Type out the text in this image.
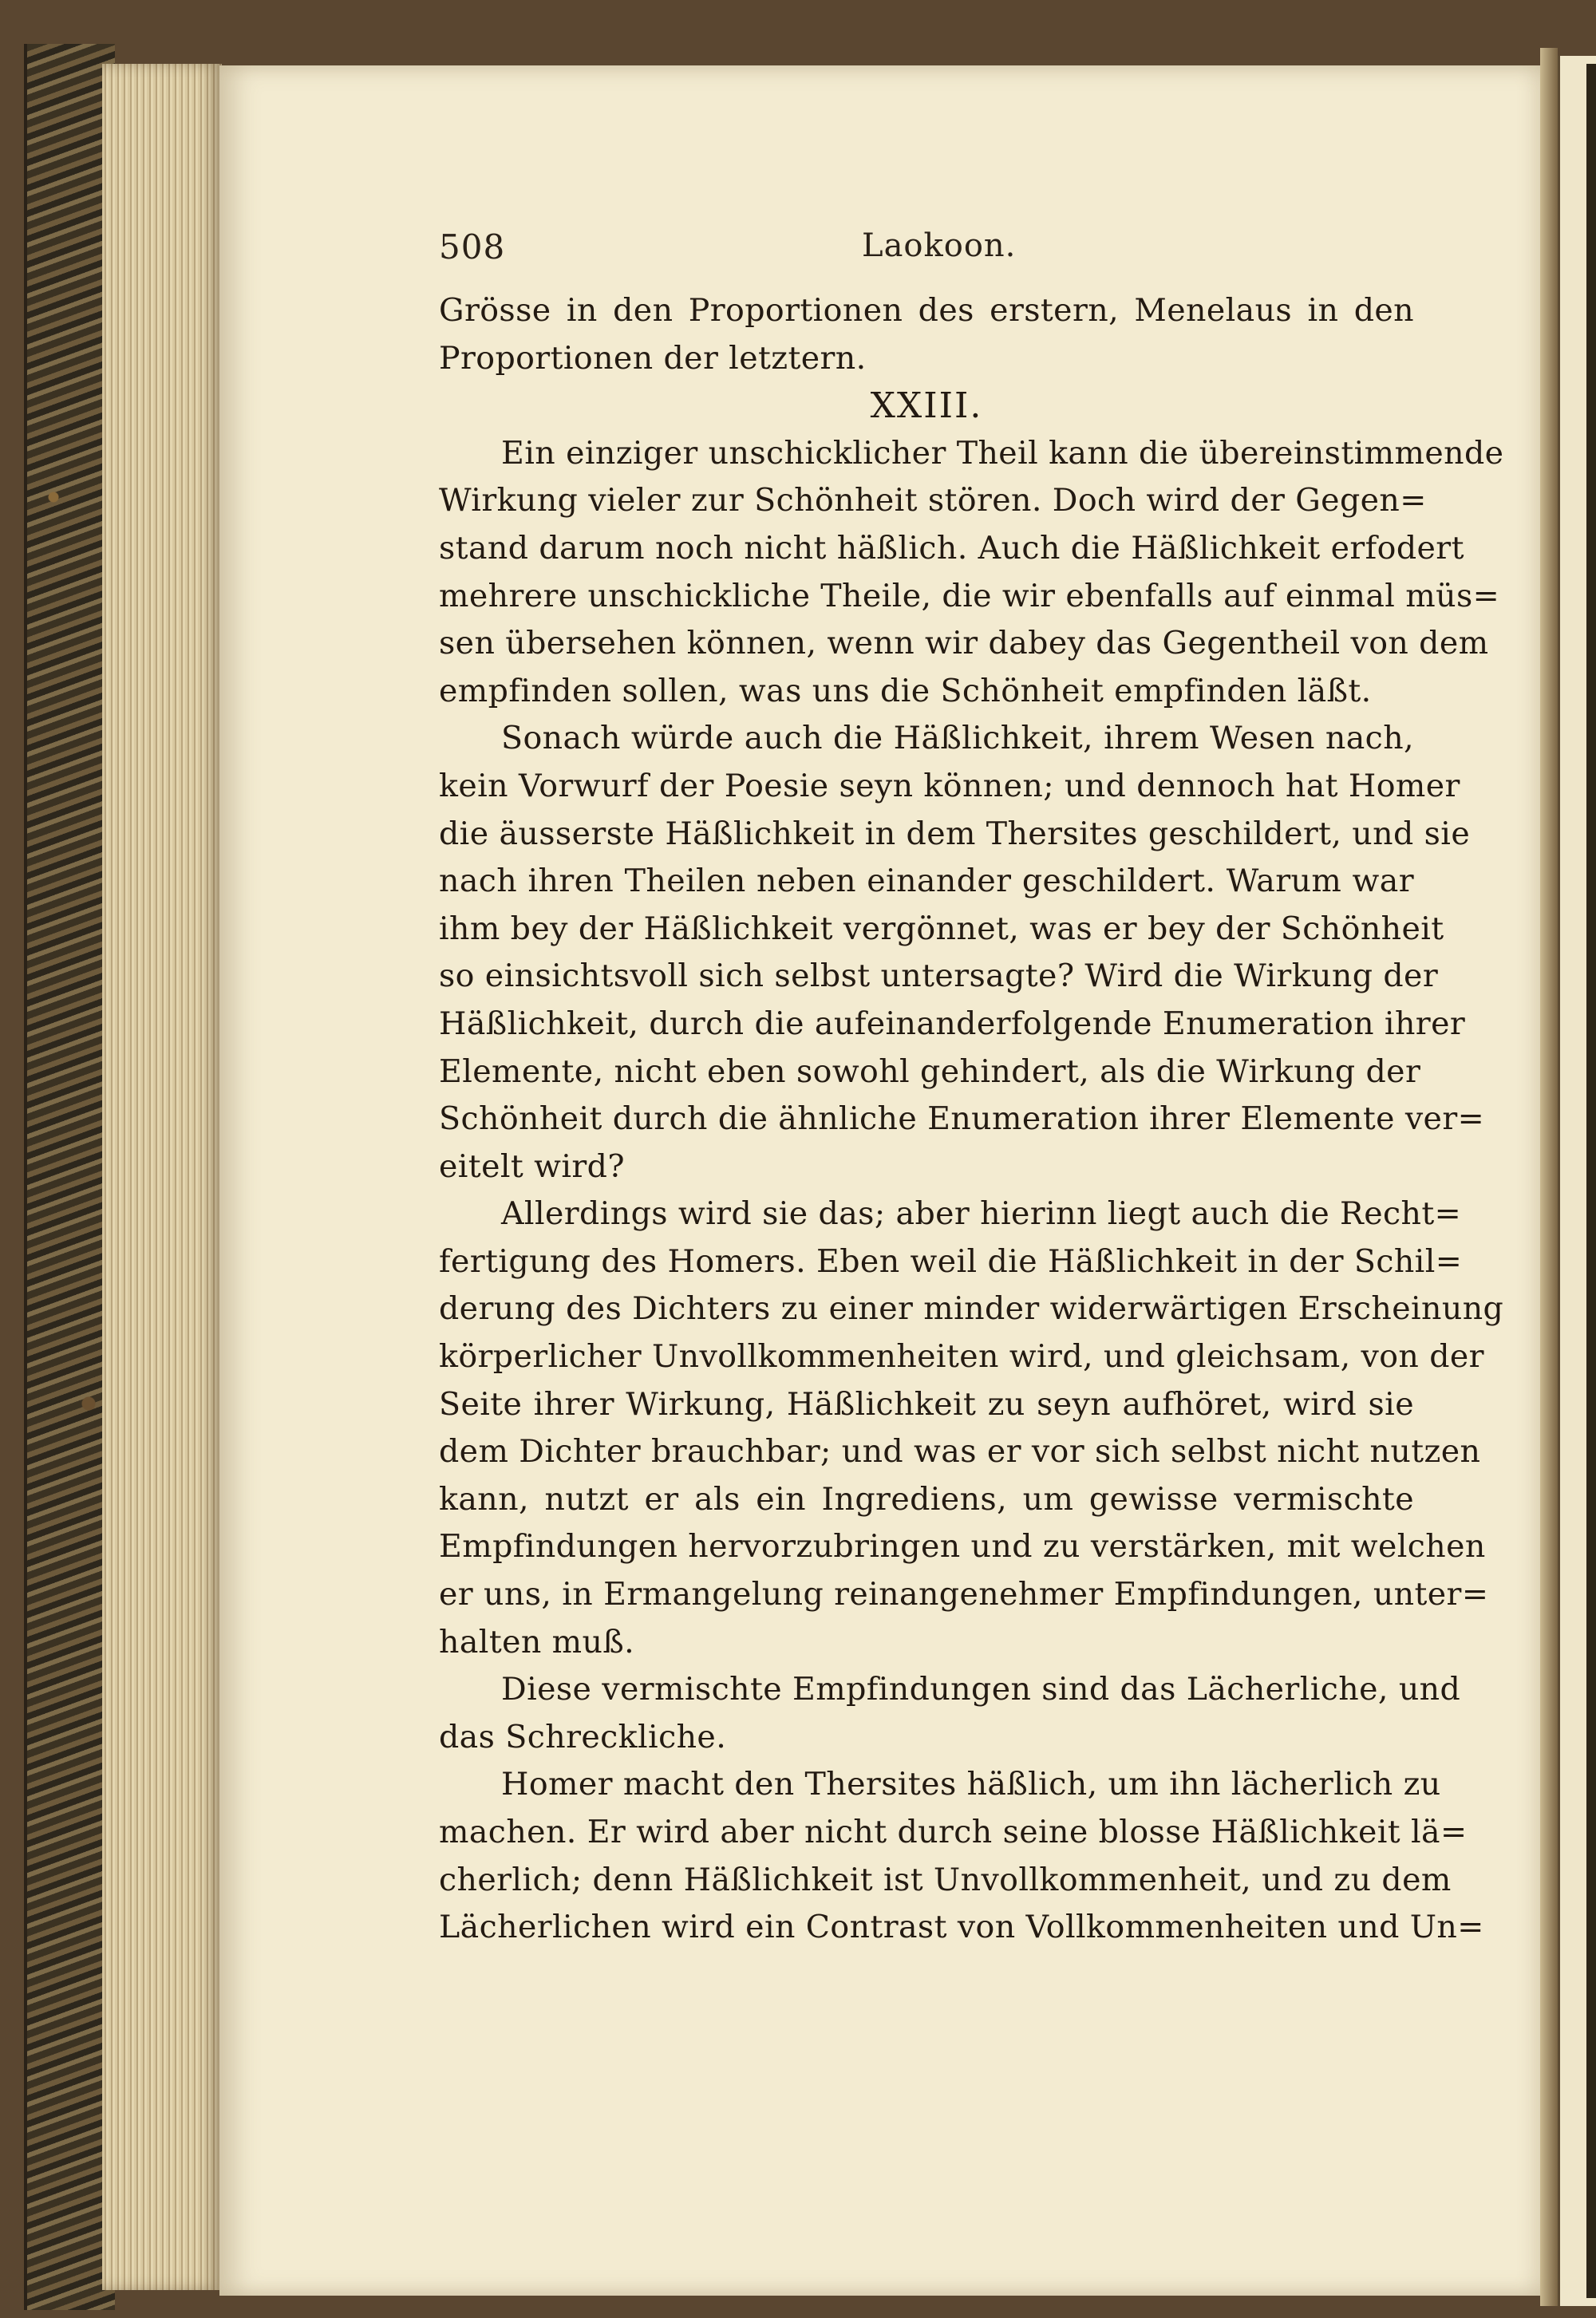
508	Laokoon.
Grösse in den Proportionen des erstern, Menelaus in den
Proportionen der letztern.
XXIII.
Ein einziger unschicklicher Theil kann die übereinstimmende
Wirkung vieler zur Schönheit stören. Doch wird der Gegen=
stand darum noch nicht häßlich. Auch die Häßlichkeit erfodert
mehrere unschickliche Theile, die wir ebenfalls auf einmal müs=
sen übersehen können, wenn wir dabey das Gegentheil von dem
empfinden sollen, was uns die Schönheit empfinden läßt.
Sonach würde auch die Häßlichkeit, ihrem Wesen nach,
kein Vorwurf der Poesie seyn können; und dennoch hat Homer
die äusserste Häßlichkeit in dem Thersites geschildert, und sie
nach ihren Theilen neben einander geschildert. Warum war
ihm bey der Häßlichkeit vergönnet, was er bey der Schönheit
so einsichtsvoll sich selbst untersagte? Wird die Wirkung der
Häßlichkeit, durch die aufeinanderfolgende Enumeration ihrer
Elemente, nicht eben sowohl gehindert, als die Wirkung der
Schönheit durch die ähnliche Enumeration ihrer Elemente ver=
eitelt wird?
Allerdings wird sie das; aber hierinn liegt auch die Recht=
fertigung des Homers. Eben weil die Häßlichkeit in der Schil=
derung des Dichters zu einer minder widerwärtigen Erscheinung
körperlicher Unvollkommenheiten wird, und gleichsam, von der
Seite ihrer Wirkung, Häßlichkeit zu seyn aufhöret, wird sie
dem Dichter brauchbar; und was er vor sich selbst nicht nutzen
kann, nutzt er als ein Ingrediens, um gewisse vermischte
Empfindungen hervorzubringen und zu verstärken, mit welchen
er uns, in Ermangelung reinangenehmer Empfindungen, unter=
halten muß.
Diese vermischte Empfindungen sind das Lächerliche, und
das Schreckliche.
Homer macht den Thersites häßlich, um ihn lächerlich zu
machen. Er wird aber nicht durch seine blosse Häßlichkeit lä=
cherlich; denn Häßlichkeit ist Unvollkommenheit, und zu dem
Lächerlichen wird ein Contrast von Vollkommenheiten und Un=
